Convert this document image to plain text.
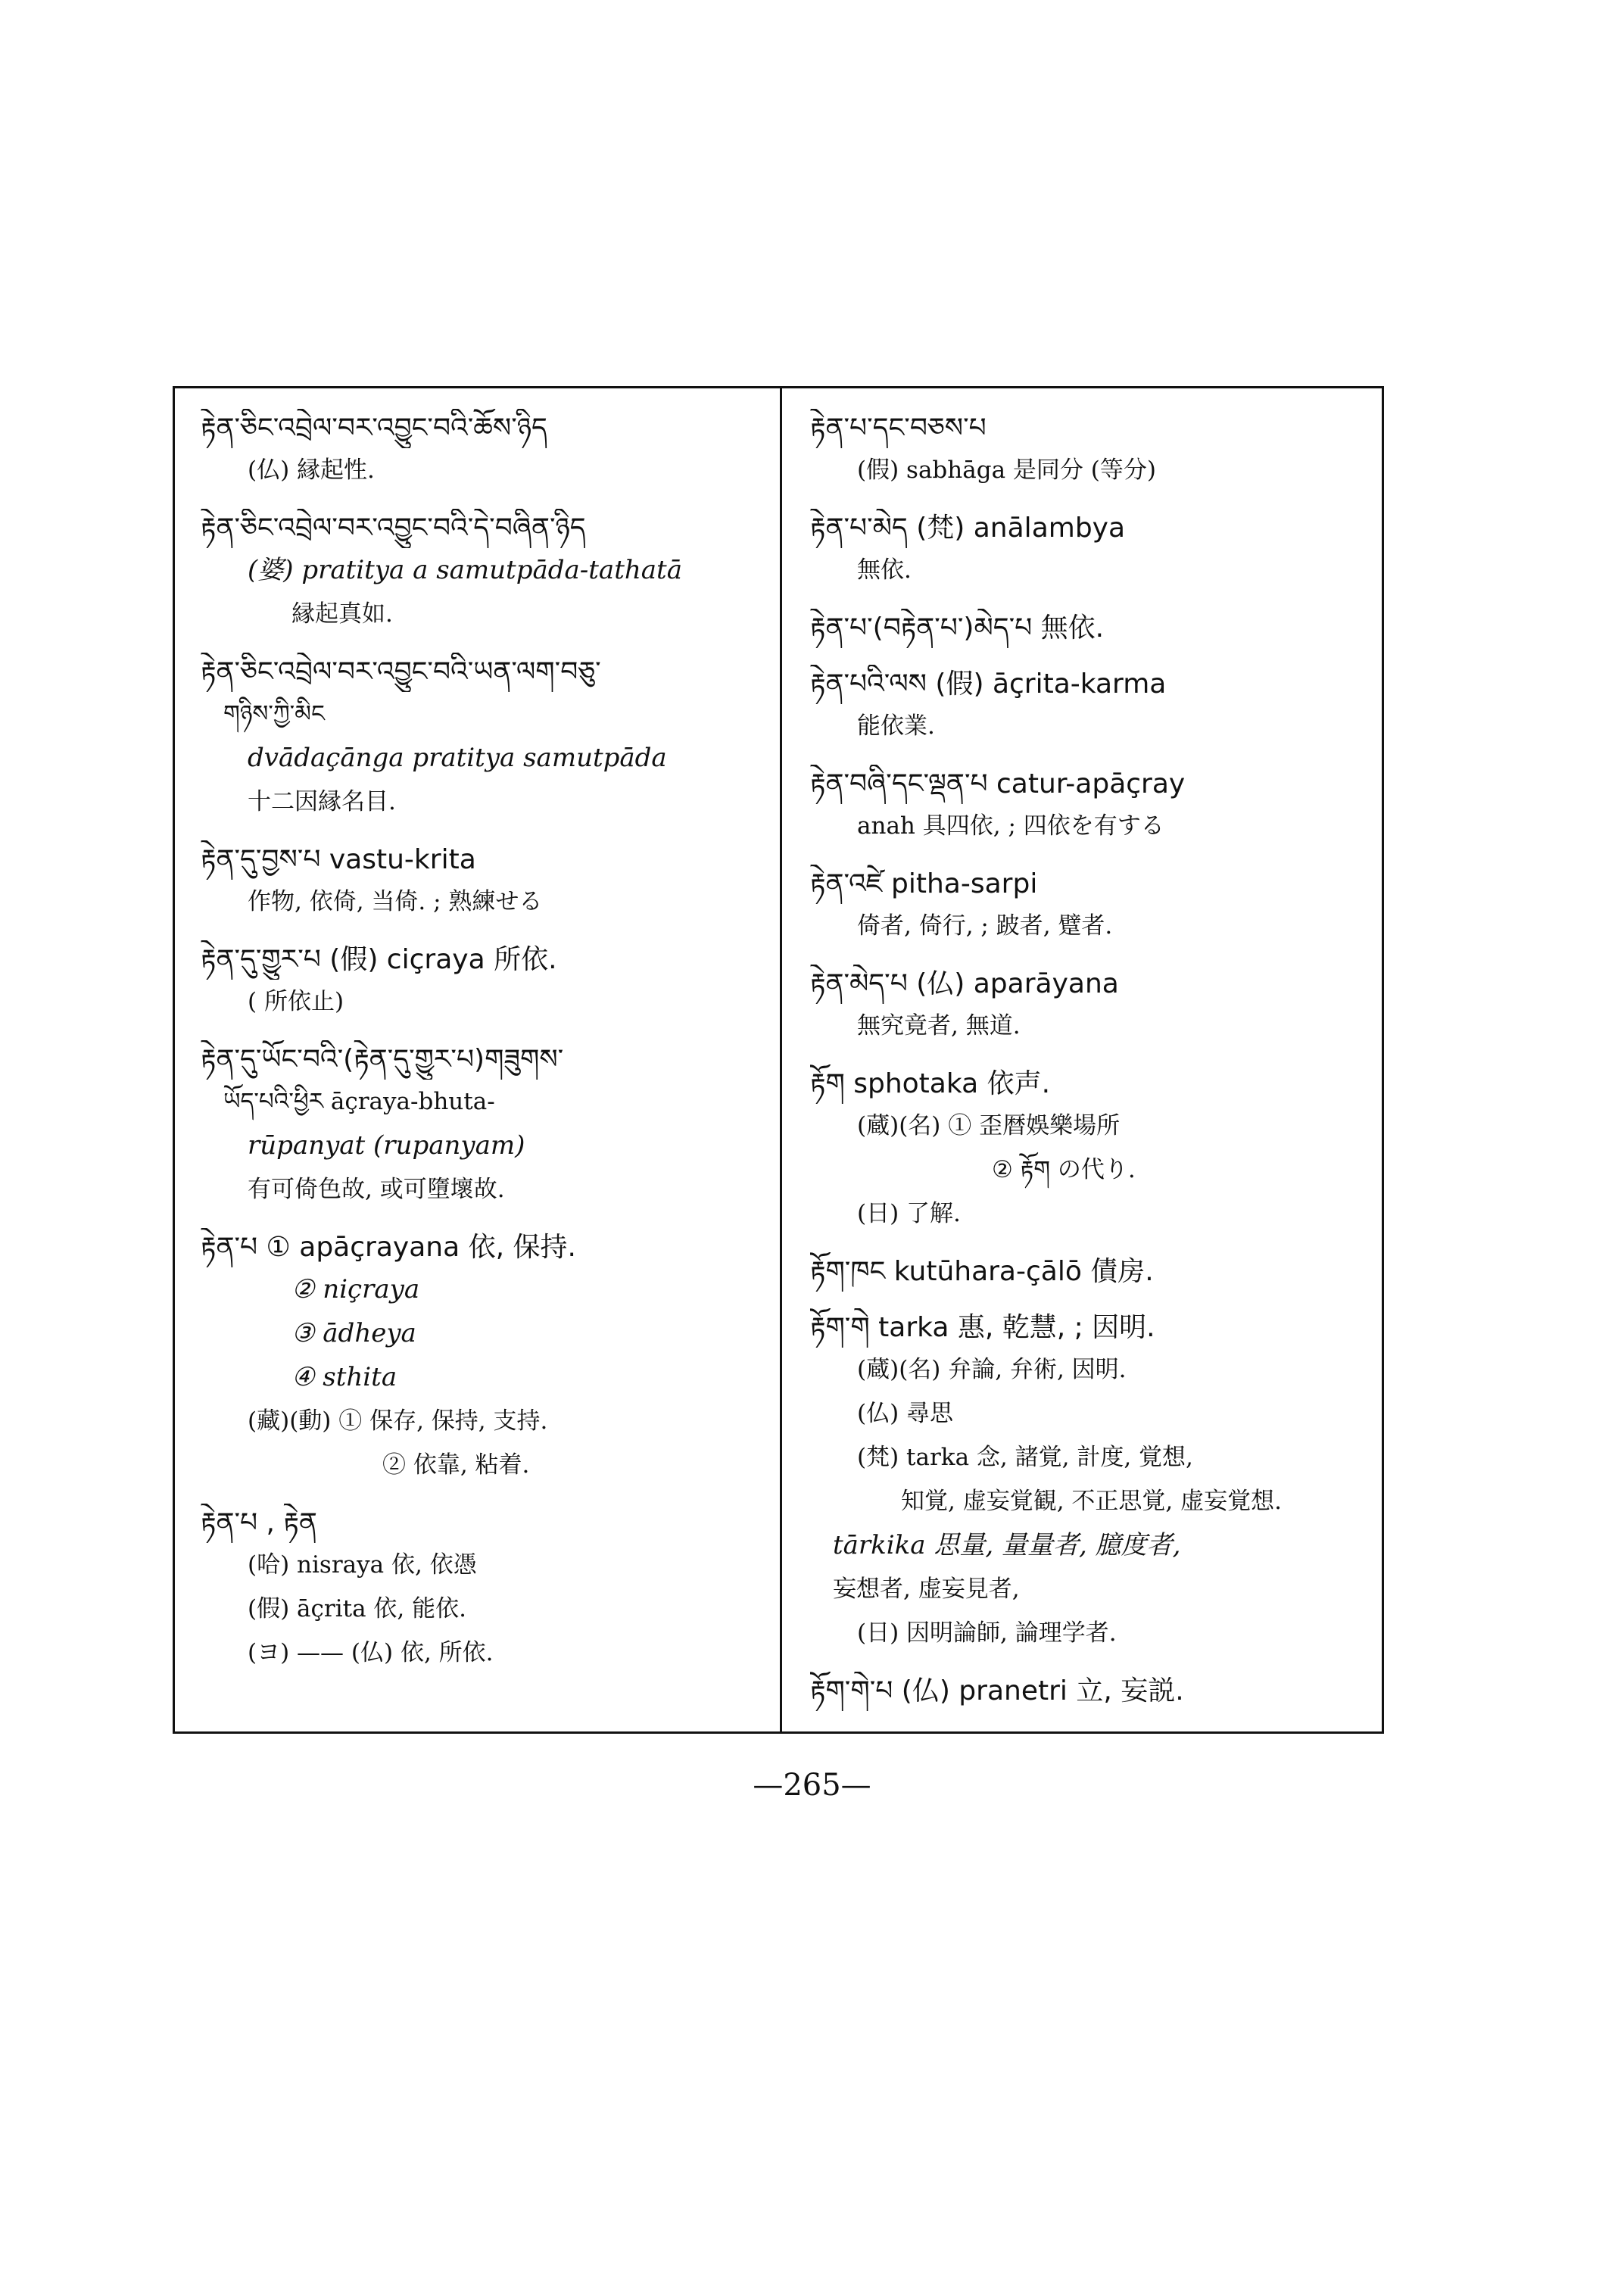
རྟེན་ཅིང་འབྲེལ་བར་འབྱུང་བའི་ཆོས་ཉིད
(仏) 縁起性.
རྟེན་ཅིང་འབྲེལ་བར་འབྱུང་བའི་དེ་བཞིན་ཉིད
(婆) pratitya a samutpāda-tathatā
縁起真如.
རྟེན་ཅིང་འབྲེལ་བར་འབྱུང་བའི་ཡན་ལག་བཅུ་
གཉིས་ཀྱི་མིང
dvādaçānga pratitya samutpāda
十二因縁名目.
རྟེན་དུ་བྱས་པ vastu-krita
作物, 依倚, 当倚. ; 熟練せる
རྟེན་དུ་གྱུར་པ (假) ciçraya 所依.
( 所依止)
རྟེན་དུ་ཡོང་བའི་(རྟེན་དུ་གྱུར་པ)གཟུགས་
ཡོད་པའི་ཕྱིར āçraya-bhuta-
rūpanyat (rupanyam)
有可倚色故, 或可墮壞故.
རྟེན་པ ① apāçrayana 依, 保持.
② niçraya
③ ādheya
④ sthita
(藏)(動) ① 保存, 保持, 支持.
② 依靠, 粘着.
རྟེན་པ , རྟེན
(哈) nisraya 依, 依憑
(假) āçrita 依, 能依.
(ヨ) —— (仏) 依, 所依.
རྟེན་པ་དང་བཅས་པ
(假) sabhāga 是同分 (等分)
རྟེན་པ་མེད (梵) anālambya
無依.
རྟེན་པ་(བརྟེན་པ་)མེད་པ 無依.
རྟེན་པའི་ལས (假) āçrita-karma
能依業.
རྟེན་བཞི་དང་ལྡན་པ catur-apāçray
anah 具四依, ; 四依を有する
རྟེན་འཛེ pitha-sarpi
倚者, 倚行, ; 跛者, 躄者.
རྟེན་མེད་པ (仏) aparāyana
無究竟者, 無道.
རྟོག sphotaka 依声.
(蔵)(名) ① 歪暦娛樂場所
② རྟོག の代り.
(日) 了解.
རྟོག་ཁང kutūhara-çālō 債房.
རྟོག་གེ tarka 惠, 乾慧, ; 因明.
(蔵)(名) 弁論, 弁術, 因明.
(仏) 尋思
(梵) tarka 念, 諸覚, 計度, 覚想,
知覚, 虚妄覚観, 不正思覚, 虚妄覚想.
tārkika 思量, 量量者, 臆度者,
妄想者, 虚妄見者,
(日) 因明論師, 論理学者.
རྟོག་གེ་པ (仏) pranetri 立, 妄説.
—265—
